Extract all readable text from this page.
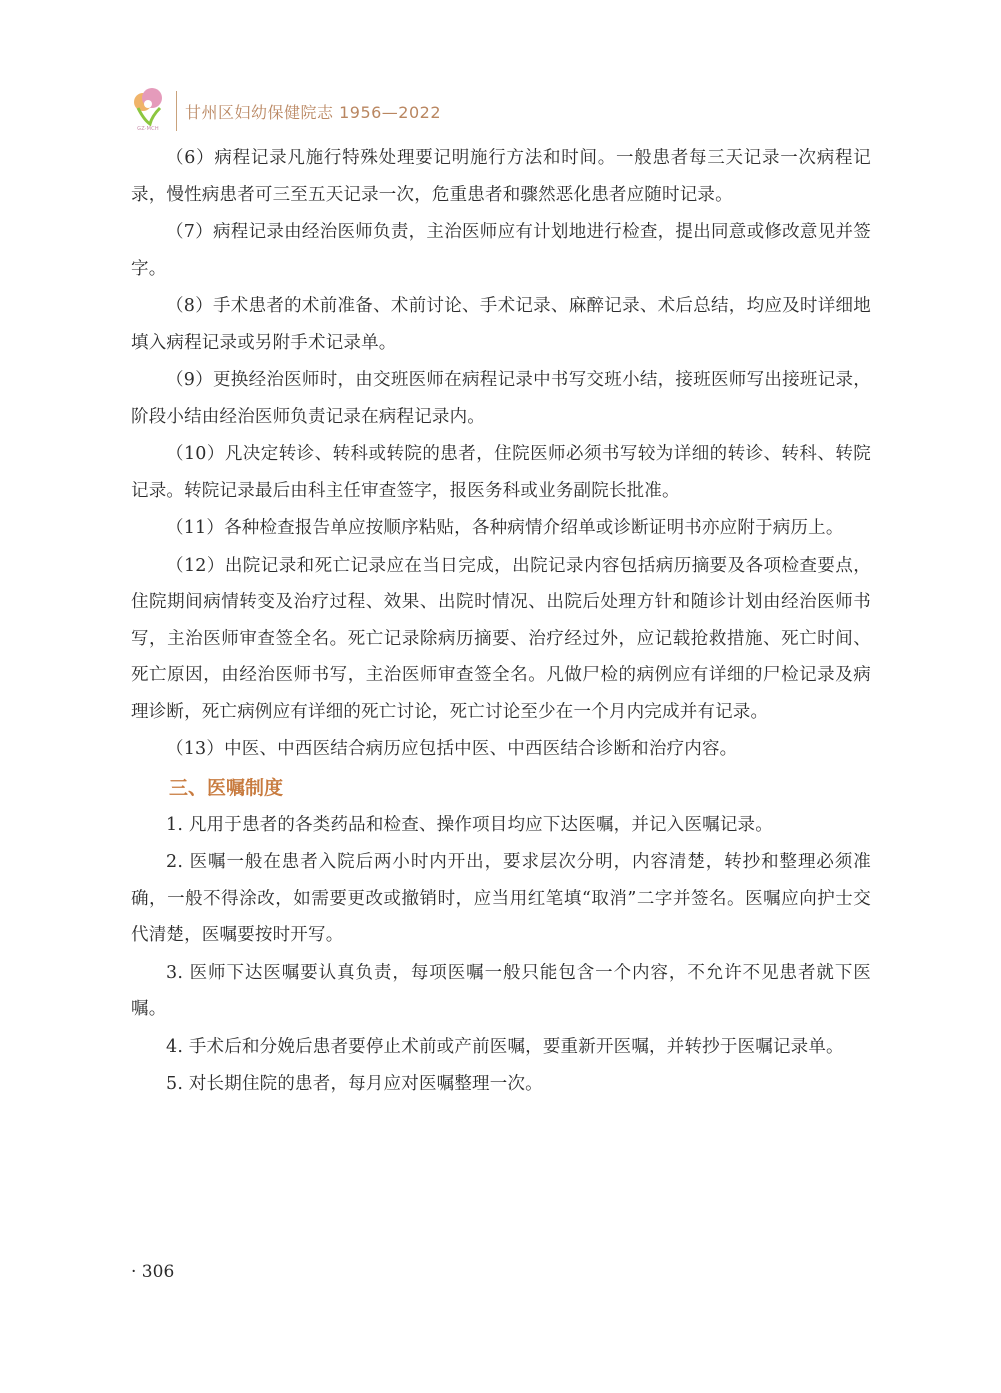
GZ·MCH
甘州区妇幼保健院志 1956—2022

（6）病程记录凡施行特殊处理要记明施行方法和时间。一般患者每三天记录一次病程记录，慢性病患者可三至五天记录一次，危重患者和骤然恶化患者应随时记录。

（7）病程记录由经治医师负责，主治医师应有计划地进行检查，提出同意或修改意见并签字。

（8）手术患者的术前准备、术前讨论、手术记录、麻醉记录、术后总结，均应及时详细地填入病程记录或另附手术记录单。

（9）更换经治医师时，由交班医师在病程记录中书写交班小结，接班医师写出接班记录，阶段小结由经治医师负责记录在病程记录内。

（10）凡决定转诊、转科或转院的患者，住院医师必须书写较为详细的转诊、转科、转院记录。转院记录最后由科主任审查签字，报医务科或业务副院长批准。

（11）各种检查报告单应按顺序粘贴，各种病情介绍单或诊断证明书亦应附于病历上。

（12）出院记录和死亡记录应在当日完成，出院记录内容包括病历摘要及各项检查要点，住院期间病情转变及治疗过程、效果、出院时情况、出院后处理方针和随诊计划由经治医师书写，主治医师审查签全名。死亡记录除病历摘要、治疗经过外，应记载抢救措施、死亡时间、死亡原因，由经治医师书写，主治医师审查签全名。凡做尸检的病例应有详细的尸检记录及病理诊断，死亡病例应有详细的死亡讨论，死亡讨论至少在一个月内完成并有记录。

（13）中医、中西医结合病历应包括中医、中西医结合诊断和治疗内容。

三、医嘱制度

1. 凡用于患者的各类药品和检查、操作项目均应下达医嘱，并记入医嘱记录。

2. 医嘱一般在患者入院后两小时内开出，要求层次分明，内容清楚，转抄和整理必须准确，一般不得涂改，如需要更改或撤销时，应当用红笔填“取消”二字并签名。医嘱应向护士交代清楚，医嘱要按时开写。

3. 医师下达医嘱要认真负责，每项医嘱一般只能包含一个内容，不允许不见患者就下医嘱。

4. 手术后和分娩后患者要停止术前或产前医嘱，要重新开医嘱，并转抄于医嘱记录单。

5. 对长期住院的患者，每月应对医嘱整理一次。

· 306
